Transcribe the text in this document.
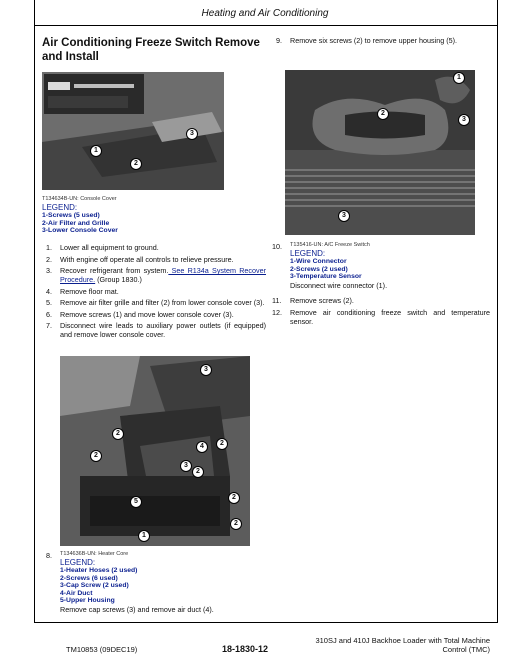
Heating and Air Conditioning
Air Conditioning Freeze Switch Remove and Install
1
2
3
T134634B-UN: Console Cover
LEGEND:
1-Screws (5 used)
2-Air Filter and Grille
3-Lower Console Cover
1. Lower all equipment to ground.
2. With engine off operate all controls to relieve pressure.
3. Recover refrigerant from system. See R134a System Recover Procedure. (Group 1830.)
4. Remove floor mat.
5. Remove air filter grille and filter (2) from lower console cover (3).
6. Remove screws (1) and move lower console cover (3).
7. Disconnect wire leads to auxiliary power outlets (if equipped) and remove lower console cover.
3
2
2
2
4
3
2
5
2
2
1
8. T134636B-UN: Heater Core
LEGEND:
1-Heater Hoses (2 used)
2-Screws (6 used)
3-Cap Screw (2 used)
4-Air Duct
5-Upper Housing
Remove cap screws (3) and remove air duct (4).
9. Remove six screws (2) to remove upper housing (5).
1
2
3
3
10. T135416-UN: A/C Freeze Switch
LEGEND:
1-Wire Connector
2-Screws (2 used)
3-Temperature Sensor
Disconnect wire connector (1).
11. Remove screws (2).
12. Remove air conditioning freeze switch and temperature sensor.
TM10853 (09DEC19)	18-1830-12
310SJ and 410J Backhoe Loader with Total Machine
Control (TMC)
